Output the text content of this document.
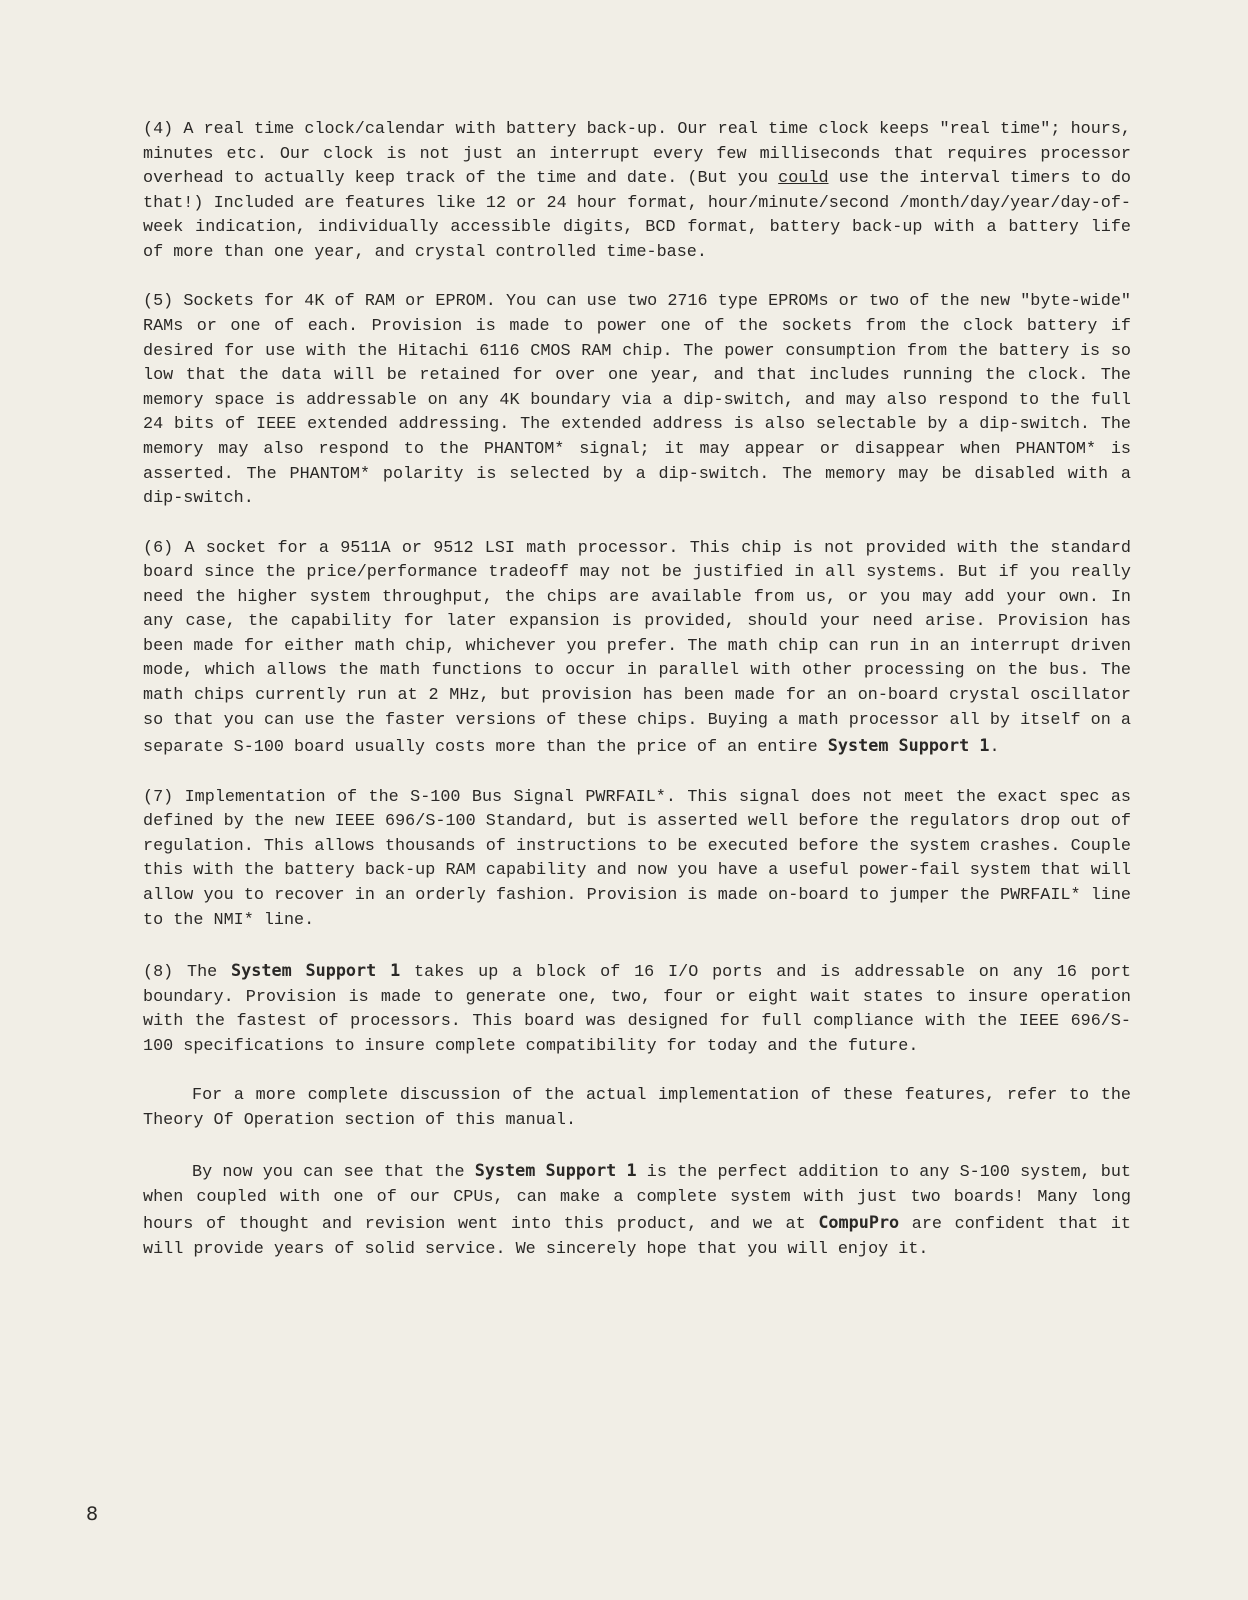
(4) A real time clock/calendar with battery back-up. Our real time clock keeps "real time"; hours, minutes etc. Our clock is not just an interrupt every few milliseconds that requires processor overhead to actually keep track of the time and date. (But you could use the interval timers to do that!) Included are features like 12 or 24 hour format, hour/minute/second /month/day/year/day-of-week indication, individually accessible digits, BCD format, battery back-up with a battery life of more than one year, and crystal controlled time-base.

(5) Sockets for 4K of RAM or EPROM. You can use two 2716 type EPROMs or two of the new "byte-wide" RAMs or one of each. Provision is made to power one of the sockets from the clock battery if desired for use with the Hitachi 6116 CMOS RAM chip. The power consumption from the battery is so low that the data will be retained for over one year, and that includes running the clock. The memory space is addressable on any 4K boundary via a dip-switch, and may also respond to the full 24 bits of IEEE extended addressing. The extended address is also selectable by a dip-switch. The memory may also respond to the PHANTOM* signal; it may appear or disappear when PHANTOM* is asserted. The PHANTOM* polarity is selected by a dip-switch. The memory may be disabled with a dip-switch.

(6) A socket for a 9511A or 9512 LSI math processor. This chip is not provided with the standard board since the price/performance tradeoff may not be justified in all systems. But if you really need the higher system throughput, the chips are available from us, or you may add your own. In any case, the capability for later expansion is provided, should your need arise. Provision has been made for either math chip, whichever you prefer. The math chip can run in an interrupt driven mode, which allows the math functions to occur in parallel with other processing on the bus. The math chips currently run at 2 MHz, but provision has been made for an on-board crystal oscillator so that you can use the faster versions of these chips. Buying a math processor all by itself on a separate S-100 board usually costs more than the price of an entire System Support 1.

(7) Implementation of the S-100 Bus Signal PWRFAIL*. This signal does not meet the exact spec as defined by the new IEEE 696/S-100 Standard, but is asserted well before the regulators drop out of regulation. This allows thousands of instructions to be executed before the system crashes. Couple this with the battery back-up RAM capability and now you have a useful power-fail system that will allow you to recover in an orderly fashion. Provision is made on-board to jumper the PWRFAIL* line to the NMI* line.

(8) The System Support 1 takes up a block of 16 I/O ports and is addressable on any 16 port boundary. Provision is made to generate one, two, four or eight wait states to insure operation with the fastest of processors. This board was designed for full compliance with the IEEE 696/S-100 specifications to insure complete compatibility for today and the future.

For a more complete discussion of the actual implementation of these features, refer to the Theory Of Operation section of this manual.

By now you can see that the System Support 1 is the perfect addition to any S-100 system, but when coupled with one of our CPUs, can make a complete system with just two boards! Many long hours of thought and revision went into this product, and we at CompuPro are confident that it will provide years of solid service. We sincerely hope that you will enjoy it.

8
